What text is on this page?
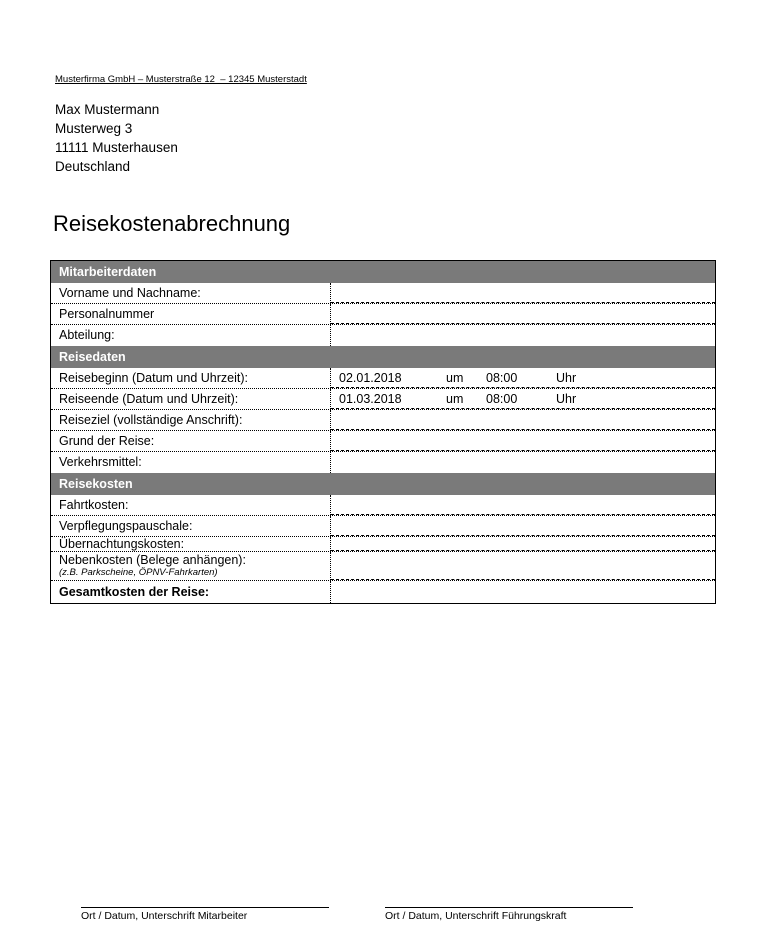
Musterfirma GmbH – Musterstraße 12  – 12345 Musterstadt
Max Mustermann
Musterweg 3
11111 Musterhausen
Deutschland
Reisekostenabrechnung
Mitarbeiterdaten
Vorname und Nachname:
Personalnummer
Abteilung:
Reisedaten
Reisebeginn (Datum und Uhrzeit):	02.01.2018	um 08:00	Uhr
Reiseende (Datum und Uhrzeit):	01.03.2018	um 08:00	Uhr
Reiseziel (vollständige Anschrift):
Grund der Reise:
Verkehrsmittel:
Reisekosten
Fahrtkosten:
Verpflegungspauschale:
Übernachtungskosten:
Nebenkosten (Belege anhängen):
(z.B. Parkscheine, ÖPNV-Fahrkarten)
Gesamtkosten der Reise:
Ort / Datum, Unterschrift Mitarbeiter	Ort / Datum, Unterschrift Führungskraft
